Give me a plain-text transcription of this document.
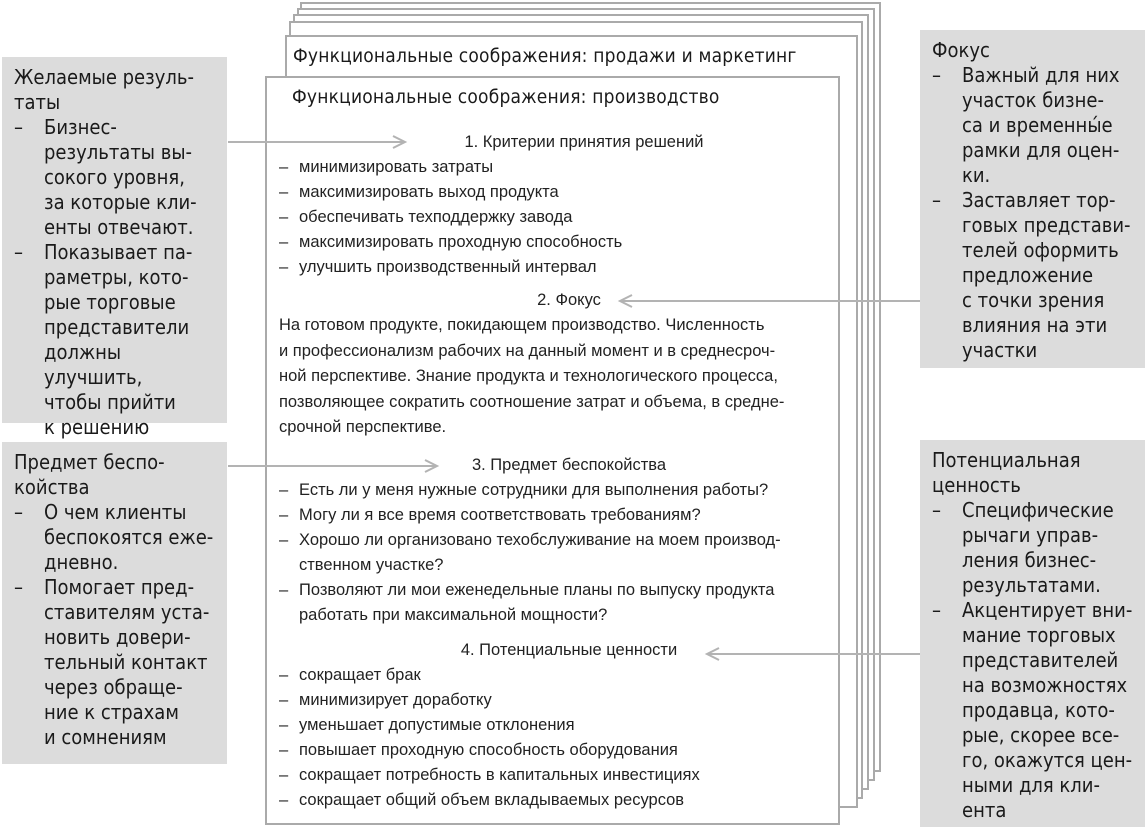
Функциональные соображения: продажи и маркетинг
Функциональные соображения: производство

1. Критерии принятия решений

– минимизировать затраты
– максимизировать выход продукта
– обеспечивать техподдержку завода
– максимизировать проходную способность
– улучшить производственный интервал

2. Фокус

На готовом продукте, покидающем производство. Численность

и профессионализм рабочих на данный момент и в среднесроч-

ной перспективе. Знание продукта и технологического процесса,

позволяющее сократить соотношение затрат и объема, в средне-

срочной перспективе.

3. Предмет беспокойства

– Есть ли у меня нужные сотрудники для выполнения работы?
– Могу ли я все время соответствовать требованиям?
– Хорошо ли организовано техобслуживание на моем производ-
ственном участке?
– Позволяют ли мои еженедельные планы по выпуску продукта
работать при максимальной мощности?

4. Потенциальные ценности

– сокращает брак
– минимизирует доработку
– уменьшает допустимые отклонения
– повышает проходную способность оборудования
– сокращает потребность в капитальных инвестициях
– сокращает общий объем вкладываемых ресурсов
Желаемые резуль-
таты
– Бизнес-
результаты вы-
сокого уровня,
за которые кли-
енты отвечают.
– Показывает па-
раметры, кото-
рые торговые
представители
должны улучшить,
чтобы прийти
к решению
Предмет беспо-
койства
– О чем клиенты
беспокоятся еже-
дневно.
– Помогает пред-
ставителям уста-
новить довери-
тельный контакт
через обраще-
ние к страхам
и сомнениям
Фокус
– Важный для них
участок бизне-
са и временны́е
рамки для оцен-
ки.
– Заставляет тор-
говых представи-
телей оформить
предложение
с точки зрения
влияния на эти
участки
Потенциальная
ценность
– Специфические
рычаги управ-
ления бизнес-
результатами.
– Акцентирует вни-
мание торговых
представителей
на возможностях
продавца, кото-
рые, скорее все-
го, окажутся цен-
ными для кли-
ента
